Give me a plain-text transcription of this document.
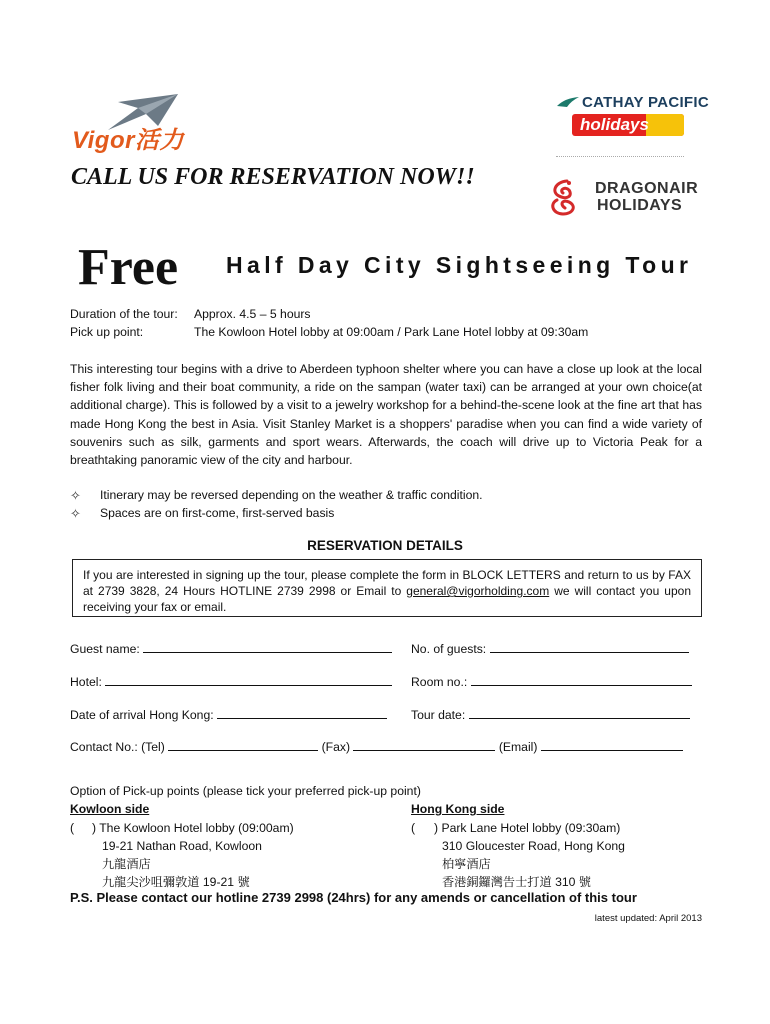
Vigor活力
CATHAY PACIFIC
holidays
DRAGONAIR
HOLIDAYS
CALL US FOR RESERVATION NOW!!
Free Half Day City Sightseeing Tour
Duration of the tour: Approx. 4.5 – 5 hours
Pick up point:	The Kowloon Hotel lobby at 09:00am / Park Lane Hotel lobby at 09:30am
This interesting tour begins with a drive to Aberdeen typhoon shelter where you can have a close up look at the local fisher folk living and their boat community, a ride on the sampan (water taxi) can be arranged at your own choice(at additional charge). This is followed by a visit to a jewelry workshop for a behind-the-scene look at the fine art that has made Hong Kong the best in Asia. Visit Stanley Market is a shoppers' paradise when you can find a wide variety of souvenirs such as silk, garments and sport wears. Afterwards, the coach will drive up to Victoria Peak for a breathtaking panoramic view of the city and harbour.
✧ Itinerary may be reversed depending on the weather & traffic condition.
✧ Spaces are on first-come, first-served basis
RESERVATION DETAILS
If you are interested in signing up the tour, please complete the form in BLOCK LETTERS and return to us by FAX at 2739 3828, 24 Hours HOTLINE 2739 2998 or Email to general@vigorholding.com we will contact you upon receiving your fax or email.
Guest name:	No. of guests:
Hotel:	Room no.:
Date of arrival Hong Kong:	Tour date:
Contact No.: (Tel)	(Fax)	(Email)
Option of Pick-up points (please tick your preferred pick-up point)
Kowloon side
( ) The Kowloon Hotel lobby (09:00am)
19-21 Nathan Road, Kowloon
九龍酒店
九龍尖沙咀彌敦道 19-21 號
Hong Kong side
( ) Park Lane Hotel lobby (09:30am)
310 Gloucester Road, Hong Kong
柏寧酒店
香港銅鑼灣告士打道 310 號
P.S. Please contact our hotline 2739 2998 (24hrs) for any amends or cancellation of this tour
latest updated: April 2013
